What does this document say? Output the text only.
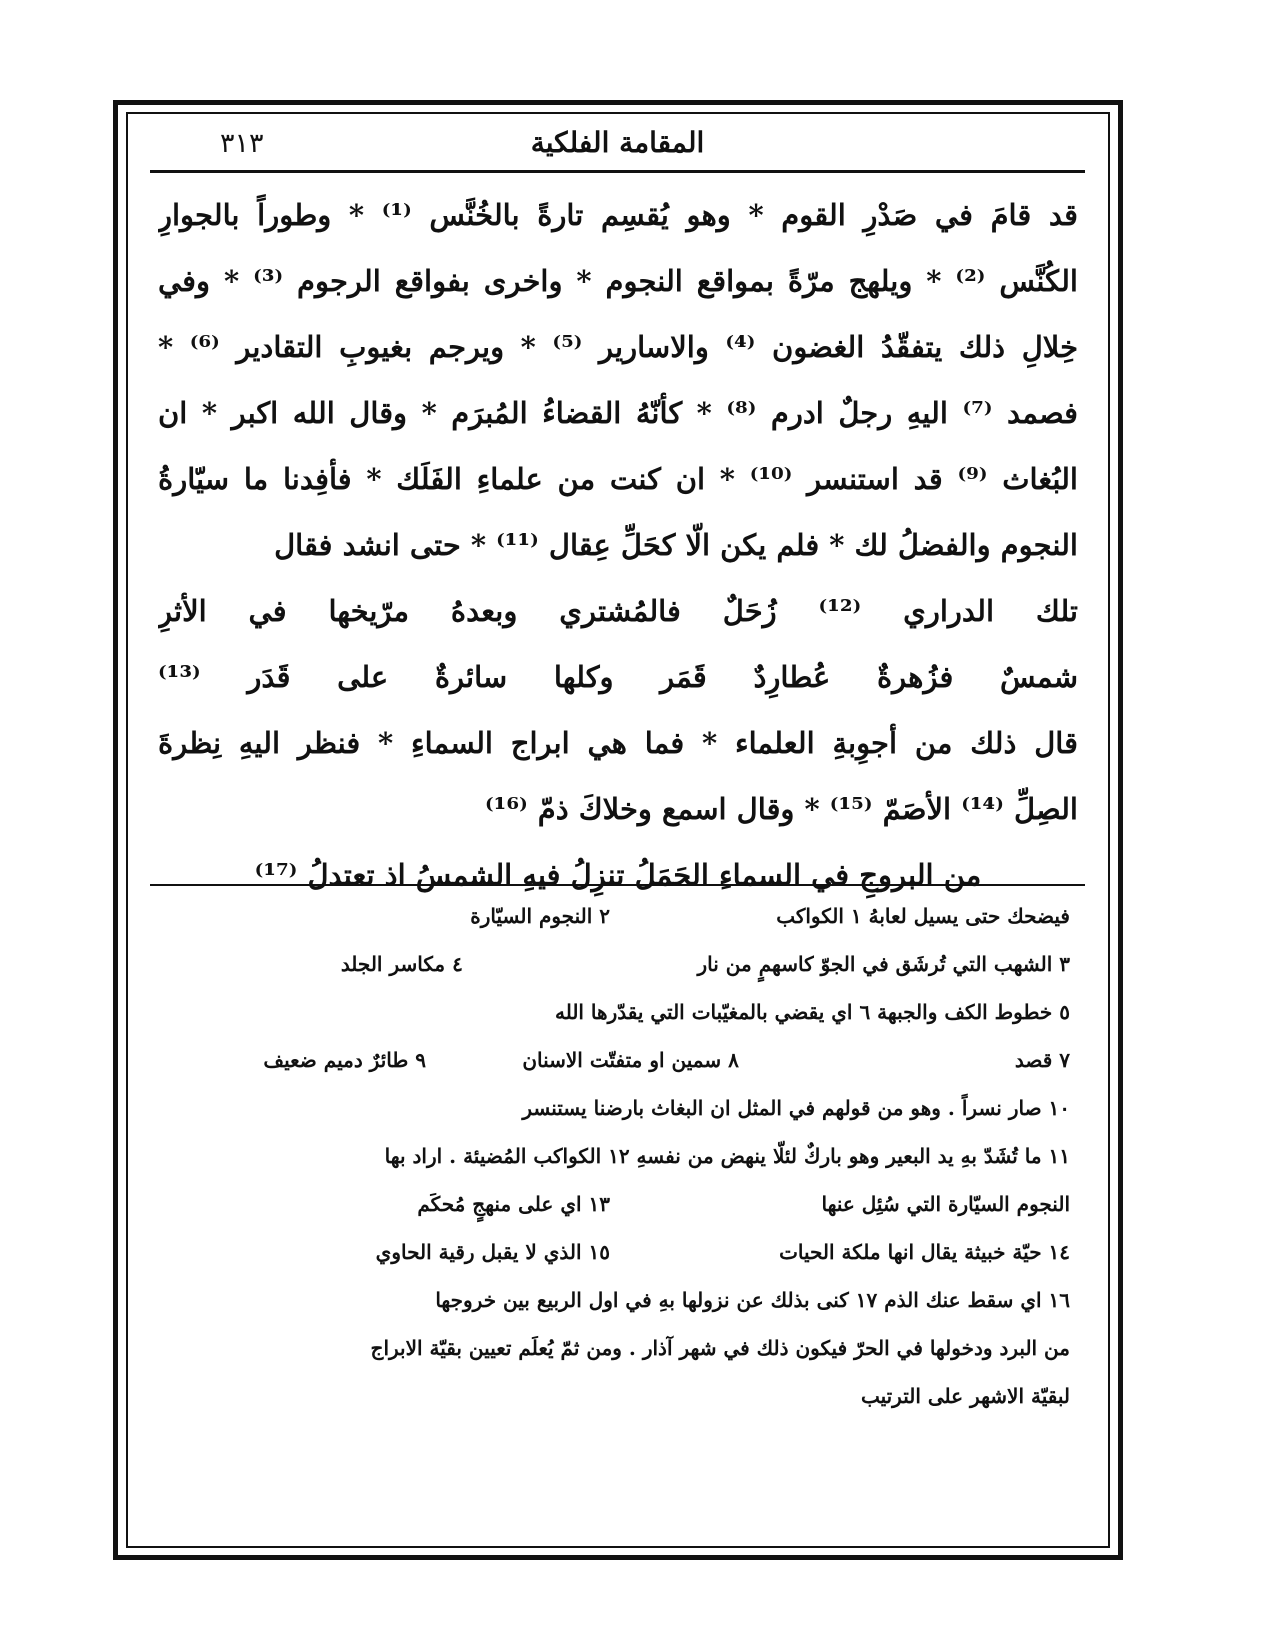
٣١٣	المقامة الفلكية
قد قامَ في صَدْرِ القوم * وهو يُقسِم تارةً بالخُنَّس ⁽¹⁾ * وطوراً بالجوارِ
الكُنَّس ⁽²⁾ * ويلهج مرّةً بمواقع النجوم * واخرى بفواقع الرجوم ⁽³⁾ * وفي
خِلالِ ذلك يتفقّدُ الغضون ⁽⁴⁾ والاسارير ⁽⁵⁾ * ويرجم بغيوبِ التقادير ⁽⁶⁾ *
فصمد ⁽⁷⁾ اليهِ رجلٌ ادرم ⁽⁸⁾ * كأنّهُ القضاءُ المُبرَم * وقال الله اكبر * ان
البُغاث ⁽⁹⁾ قد استنسر ⁽¹⁰⁾ * ان كنت من علماءِ الفَلَك * فأفِدنا ما سيّارةُ
النجوم والفضلُ لك * فلم يكن الّا كحَلِّ عِقال ⁽¹¹⁾ * حتى انشد فقال
تلك الدراري ⁽¹²⁾ زُحَلٌ فالمُشتري وبعدهُ مرّيخها في الأثرِ
شمسٌ فزُهرةٌ عُطارِدٌ قَمَر وكلها سائرةٌ على قَدَر ⁽¹³⁾
قال ذلك من أجوِبةِ العلماء * فما هي ابراج السماءِ * فنظر اليهِ نِظرةَ
الصِلِّ ⁽¹⁴⁾ الأصَمّ ⁽¹⁵⁾ * وقال اسمع وخلاكَ ذمّ ⁽¹⁶⁾
من البروجِ في السماءِ الحَمَلُ تنزِلُ فيهِ الشمسُ اذ تعتدلُ ⁽¹⁷⁾
فيضحك حتى يسيل لعابهُ ١ الكواكب
٢ النجوم السيّارة
٣ الشهب التي تُرشَق في الجوّ كاسهمٍ من نار
٤ مكاسر الجلد
٥ خطوط الكف والجبهة ٦ اي يقضي بالمغيّبات التي يقدّرها الله
٧ قصد
٨ سمين او متفتّت الاسنان
٩ طائرٌ دميم ضعيف
١٠ صار نسراً . وهو من قولهم في المثل ان البغاث بارضنا يستنسر
١١ ما تُشَدّ بهِ يد البعير وهو باركٌ لئلّا ينهض من نفسهِ ١٢ الكواكب المُضيئة . اراد بها
النجوم السيّارة التي سُئِل عنها
١٣ اي على منهجٍ مُحكَم
١٤ حيّة خبيثة يقال انها ملكة الحيات
١٥ الذي لا يقبل رقية الحاوي
١٦ اي سقط عنك الذم ١٧ كنى بذلك عن نزولها بهِ في اول الربيع بين خروجها
من البرد ودخولها في الحرّ فيكون ذلك في شهر آذار . ومن ثمّ يُعلَم تعيين بقيّة الابراج
لبقيّة الاشهر على الترتيب
